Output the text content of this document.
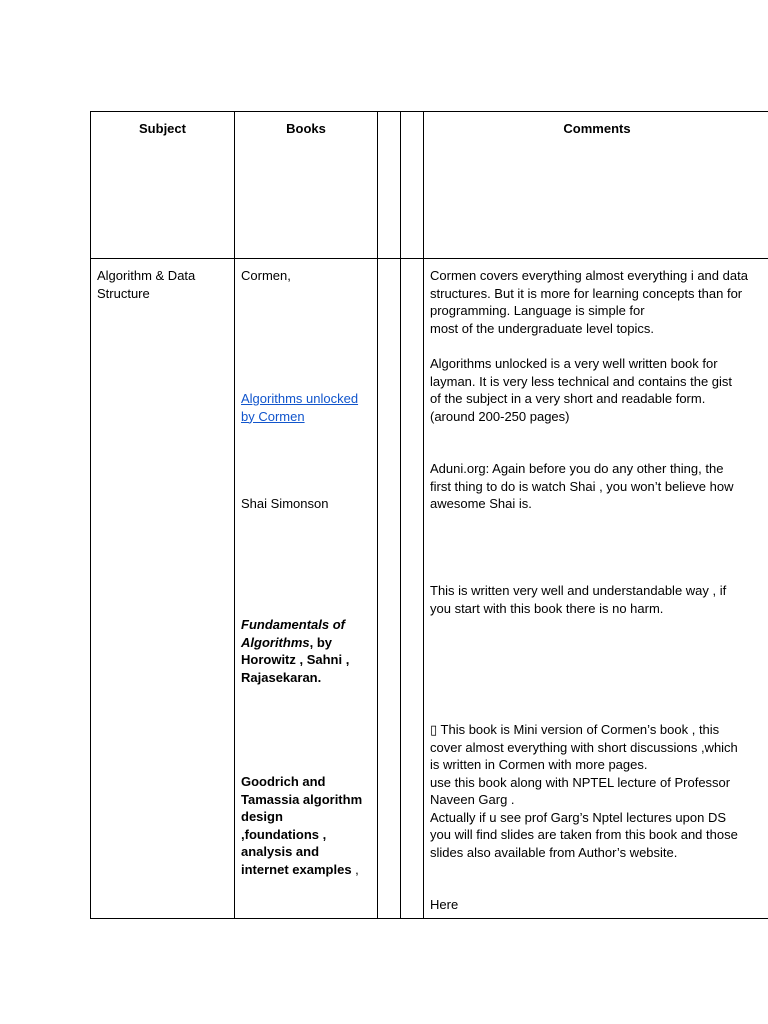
Subject	Books	Comments
Algorithm & Data
Structure
Cormen,
Algorithms unlocked
by Cormen
Shai Simonson
Fundamentals of
Algorithms, by
Horowitz , Sahni ,
Rajasekaran.
Goodrich and
Tamassia algorithm
design
,foundations ,
analysis and
internet examples ,
Cormen covers everything almost everything i and data
structures. But it is more for learning concepts than for
programming. Language is simple for
most of the undergraduate level topics.
Algorithms unlocked is a very well written book for
layman. It is very less technical and contains the gist
of the subject in a very short and readable form.
(around 200-250 pages)
Aduni.org: Again before you do any other thing, the
first thing to do is watch Shai , you won’t believe how
awesome Shai is.
This is written very well and understandable way , if
you start with this book there is no harm.
▯ This book is Mini version of Cormen’s book , this
cover almost everything with short discussions ,which
is written in Cormen with more pages.
use this book along with NPTEL lecture of Professor
Naveen Garg .
Actually if u see prof Garg’s Nptel lectures upon DS
you will find slides are taken from this book and those
slides also available from Author’s website.
Here
